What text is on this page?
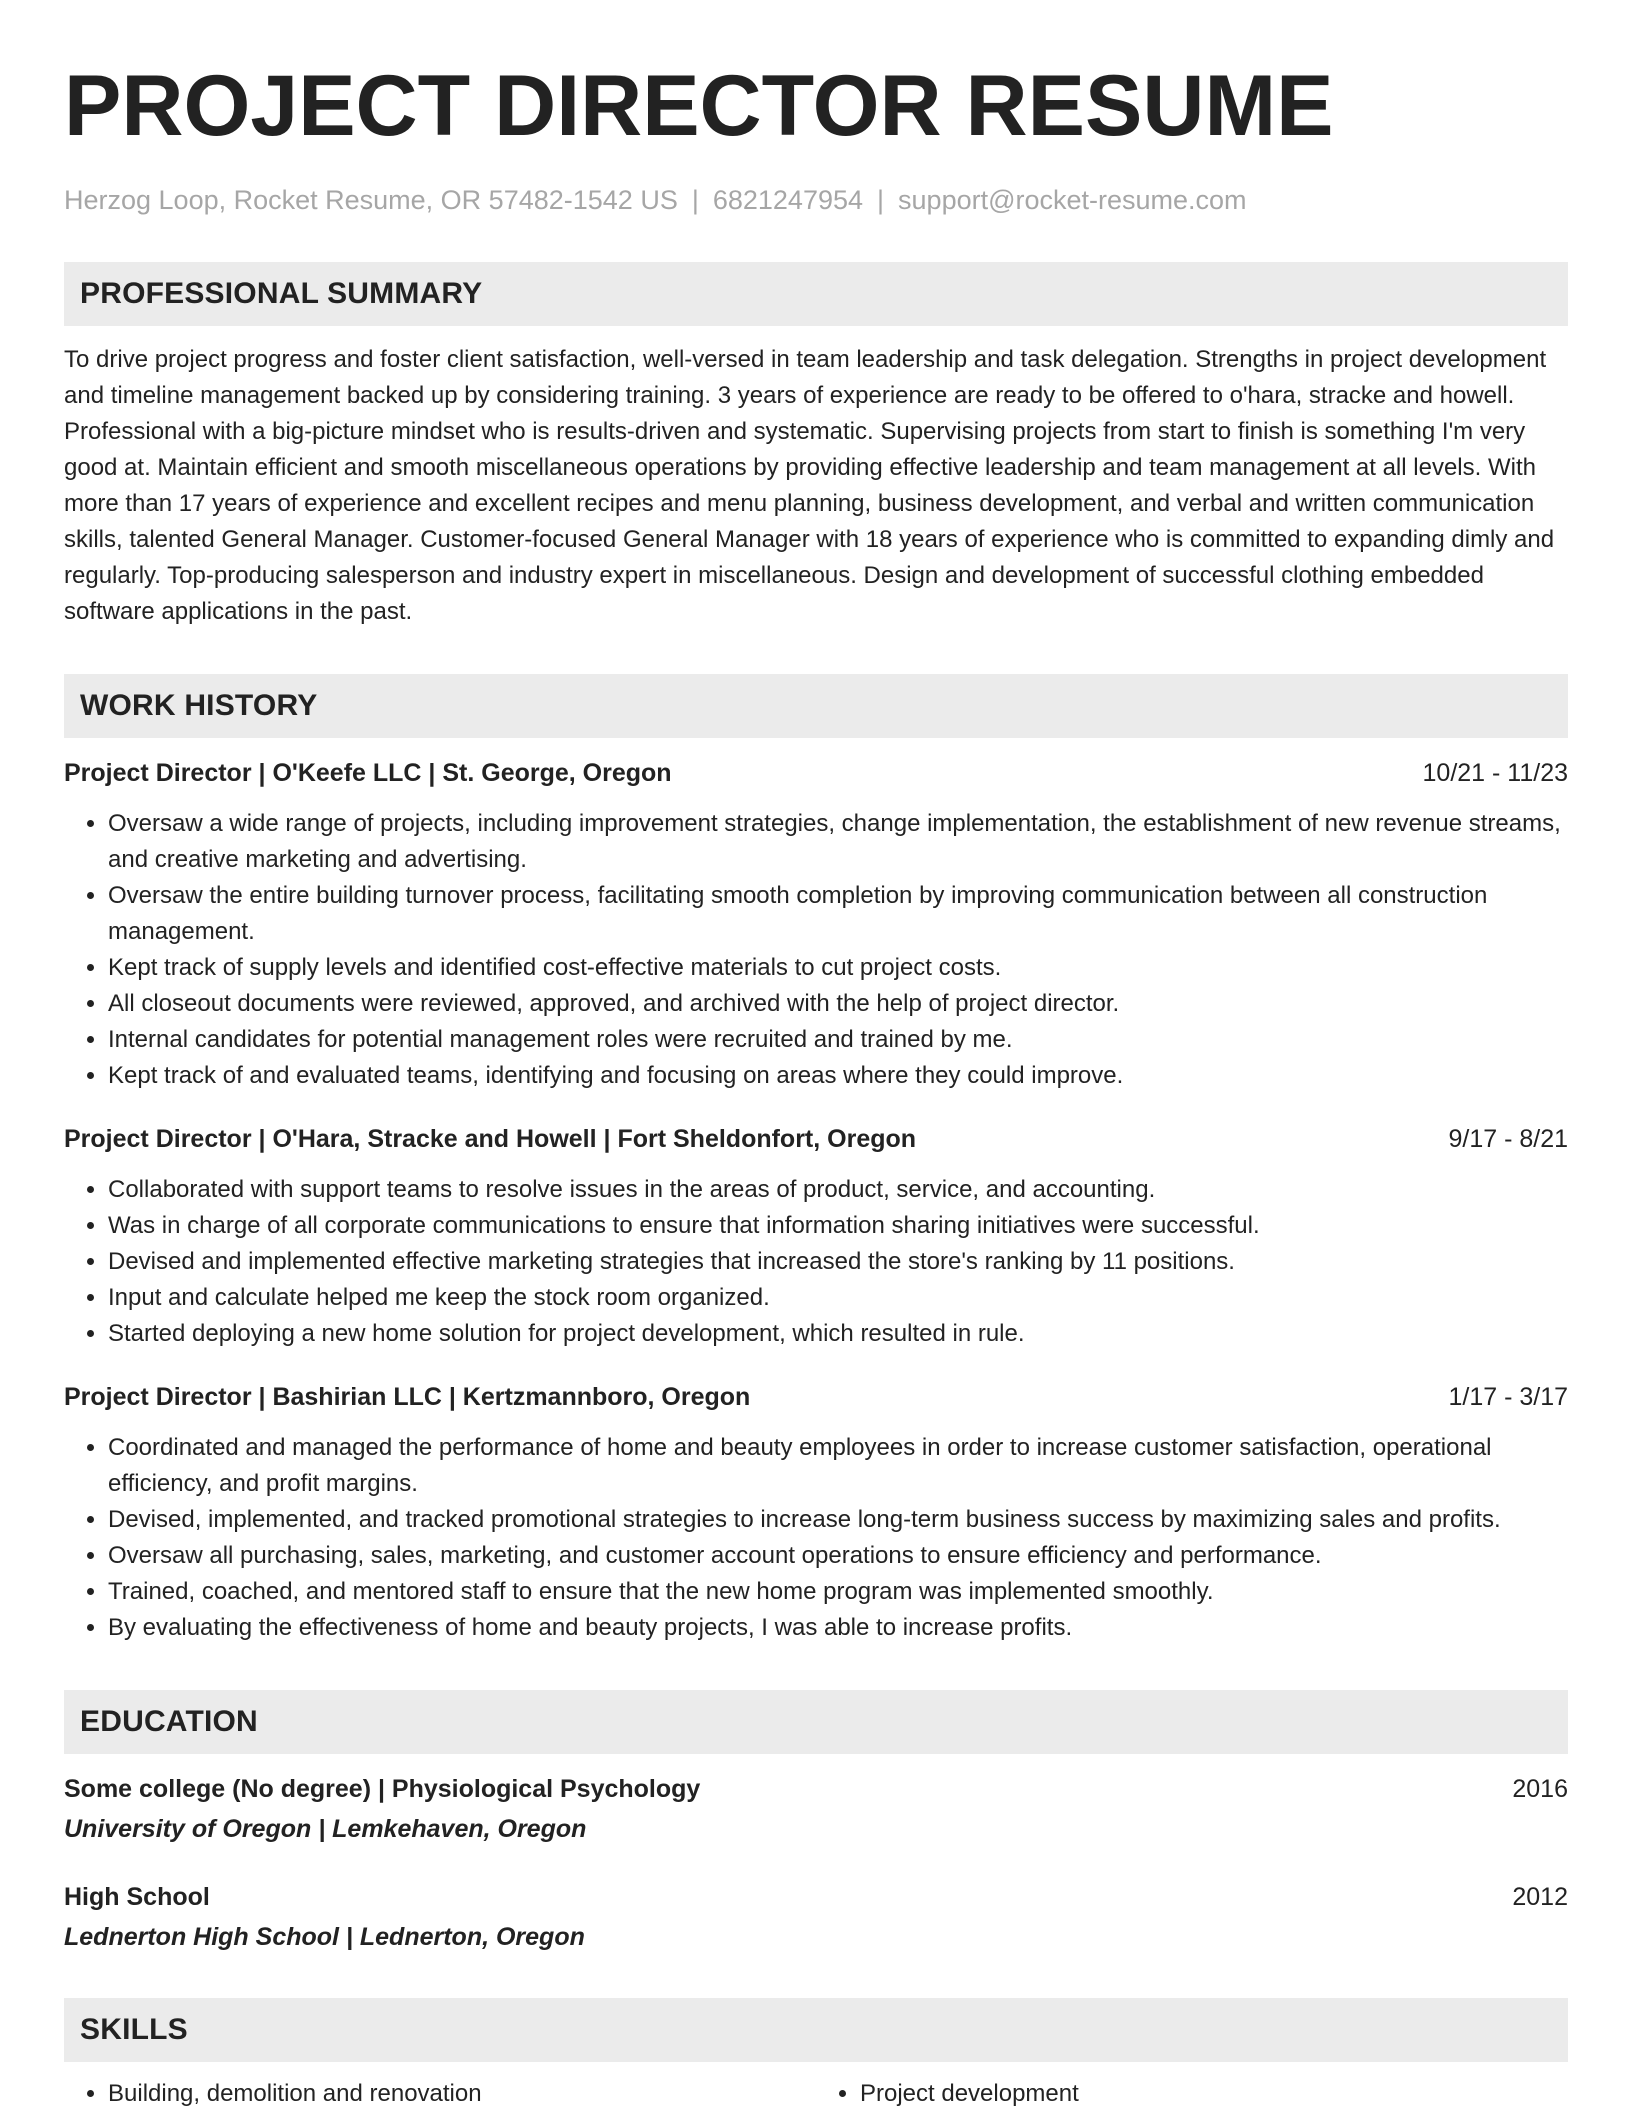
PROJECT DIRECTOR RESUME
Herzog Loop, Rocket Resume, OR 57482-1542 US | 6821247954 | support@rocket-resume.com
PROFESSIONAL SUMMARY

To drive project progress and foster client satisfaction, well-versed in team leadership and task delegation. Strengths in project development and timeline management backed up by considering training. 3 years of experience are ready to be offered to o'hara, stracke and howell. Professional with a big-picture mindset who is results-driven and systematic. Supervising projects from start to finish is something I'm very good at. Maintain efficient and smooth miscellaneous operations by providing effective leadership and team management at all levels. With more than 17 years of experience and excellent recipes and menu planning, business development, and verbal and written communication skills, talented General Manager. Customer-focused General Manager with 18 years of experience who is committed to expanding dimly and regularly. Top-producing salesperson and industry expert in miscellaneous. Design and development of successful clothing embedded software applications in the past.

WORK HISTORY
Project Director | O'Keefe LLC | St. George, Oregon	10/21 - 11/23
• Oversaw a wide range of projects, including improvement strategies, change implementation, the establishment of new revenue streams, and creative marketing and advertising.
• Oversaw the entire building turnover process, facilitating smooth completion by improving communication between all construction management.
• Kept track of supply levels and identified cost-effective materials to cut project costs.
• All closeout documents were reviewed, approved, and archived with the help of project director.
• Internal candidates for potential management roles were recruited and trained by me.
• Kept track of and evaluated teams, identifying and focusing on areas where they could improve.
Project Director | O'Hara, Stracke and Howell | Fort Sheldonfort, Oregon	9/17 - 8/21
• Collaborated with support teams to resolve issues in the areas of product, service, and accounting.
• Was in charge of all corporate communications to ensure that information sharing initiatives were successful.
• Devised and implemented effective marketing strategies that increased the store's ranking by 11 positions.
• Input and calculate helped me keep the stock room organized.
• Started deploying a new home solution for project development, which resulted in rule.
Project Director | Bashirian LLC | Kertzmannboro, Oregon	1/17 - 3/17
• Coordinated and managed the performance of home and beauty employees in order to increase customer satisfaction, operational efficiency, and profit margins.
• Devised, implemented, and tracked promotional strategies to increase long-term business success by maximizing sales and profits.
• Oversaw all purchasing, sales, marketing, and customer account operations to ensure efficiency and performance.
• Trained, coached, and mentored staff to ensure that the new home program was implemented smoothly.
• By evaluating the effectiveness of home and beauty projects, I was able to increase profits.
EDUCATION
Some college (No degree) | Physiological Psychology	2016
University of Oregon | Lemkehaven, Oregon
High School	2012
Lednerton High School | Lednerton, Oregon
SKILLS
• Building, demolition and renovation
•	Project development
